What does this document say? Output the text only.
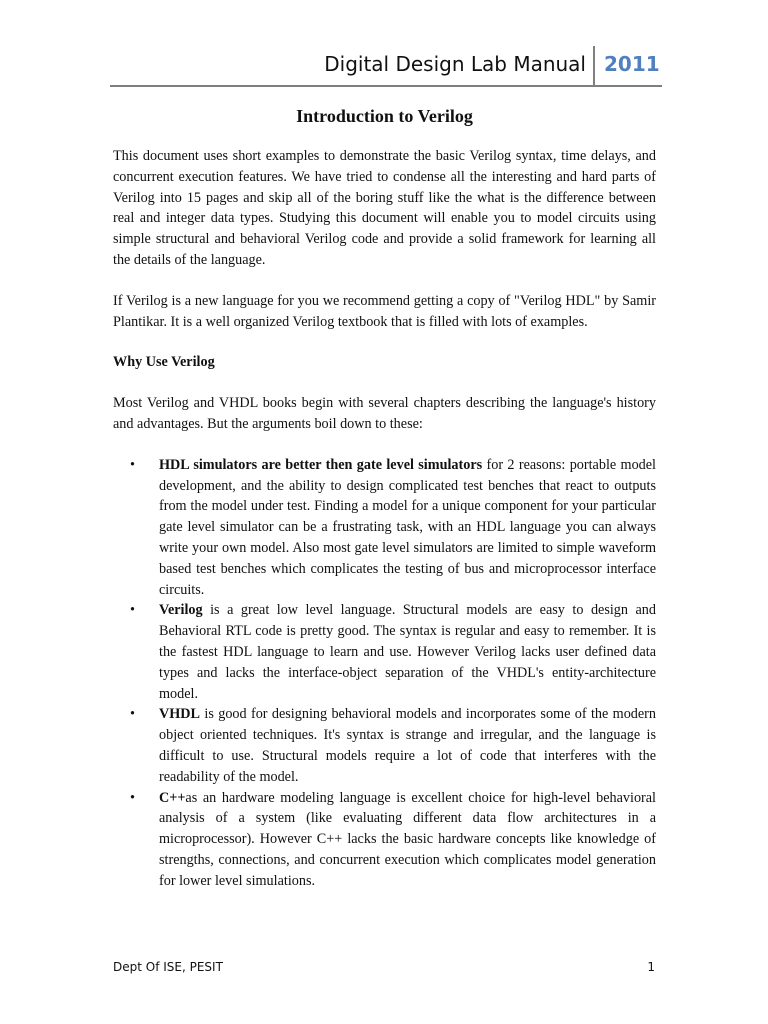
Digital Design Lab Manual 2011
Introduction to Verilog

This document uses short examples to demonstrate the basic Verilog syntax, time delays, and concurrent execution features. We have tried to condense all the interesting and hard parts of Verilog into 15 pages and skip all of the boring stuff like the what is the difference between real and integer data types. Studying this document will enable you to model circuits using simple structural and behavioral Verilog code and provide a solid framework for learning all the details of the language.

If Verilog is a new language for you we recommend getting a copy of "Verilog HDL" by Samir Plantikar. It is a well organized Verilog textbook that is filled with lots of examples.

Why Use Verilog

Most Verilog and VHDL books begin with several chapters describing the language's history and advantages. But the arguments boil down to these:

• HDL simulators are better then gate level simulators for 2 reasons: portable model development, and the ability to design complicated test benches that react to outputs from the model under test. Finding a model for a unique component for your particular gate level simulator can be a frustrating task, with an HDL language you can always write your own model. Also most gate level simulators are limited to simple waveform based test benches which complicates the testing of bus and microprocessor interface circuits.
• Verilog is a great low level language. Structural models are easy to design and Behavioral RTL code is pretty good. The syntax is regular and easy to remember. It is the fastest HDL language to learn and use. However Verilog lacks user defined data types and lacks the interface-object separation of the VHDL's entity-architecture model.
• VHDL is good for designing behavioral models and incorporates some of the modern object oriented techniques. It's syntax is strange and irregular, and the language is difficult to use. Structural models require a lot of code that interferes with the readability of the model.
• C++as an hardware modeling language is excellent choice for high-level behavioral analysis of a system (like evaluating different data flow architectures in a microprocessor). However C++ lacks the basic hardware concepts like knowledge of strengths, connections, and concurrent execution which complicates model generation for lower level simulations.
Dept Of ISE, PESIT	1
